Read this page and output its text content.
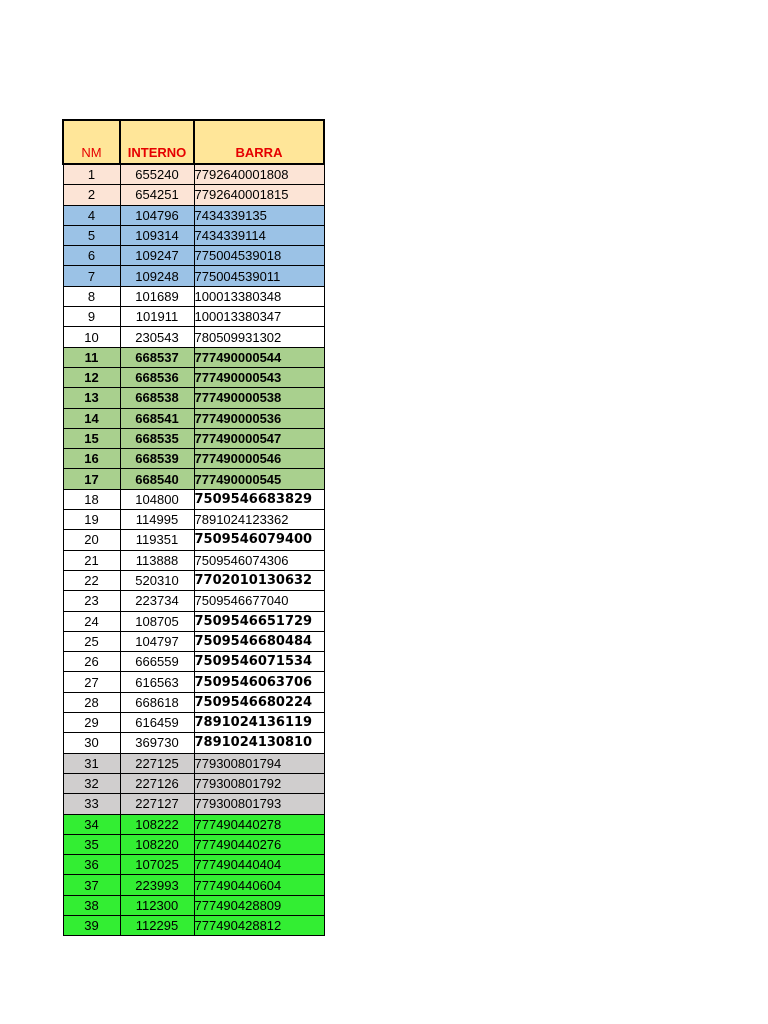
NM	INTERNO	BARRA
1	655240	7792640001808
2	654251	7792640001815
4	104796	7434339135
5	109314	7434339114
6	109247	775004539018
7	109248	775004539011
8	101689	100013380348
9	101911	100013380347
10	230543	780509931302
11	668537	777490000544
12	668536	777490000543
13	668538	777490000538
14	668541	777490000536
15	668535	777490000547
16	668539	777490000546
17	668540	777490000545
18	104800	7509546683829
19	114995	7891024123362
20	119351	7509546079400
21	113888	7509546074306
22	520310	7702010130632
23	223734	7509546677040
24	108705	7509546651729
25	104797	7509546680484
26	666559	7509546071534
27	616563	7509546063706
28	668618	7509546680224
29	616459	7891024136119
30	369730	7891024130810
31	227125	779300801794
32	227126	779300801792
33	227127	779300801793
34	108222	777490440278
35	108220	777490440276
36	107025	777490440404
37	223993	777490440604
38	112300	777490428809
39	112295	777490428812
